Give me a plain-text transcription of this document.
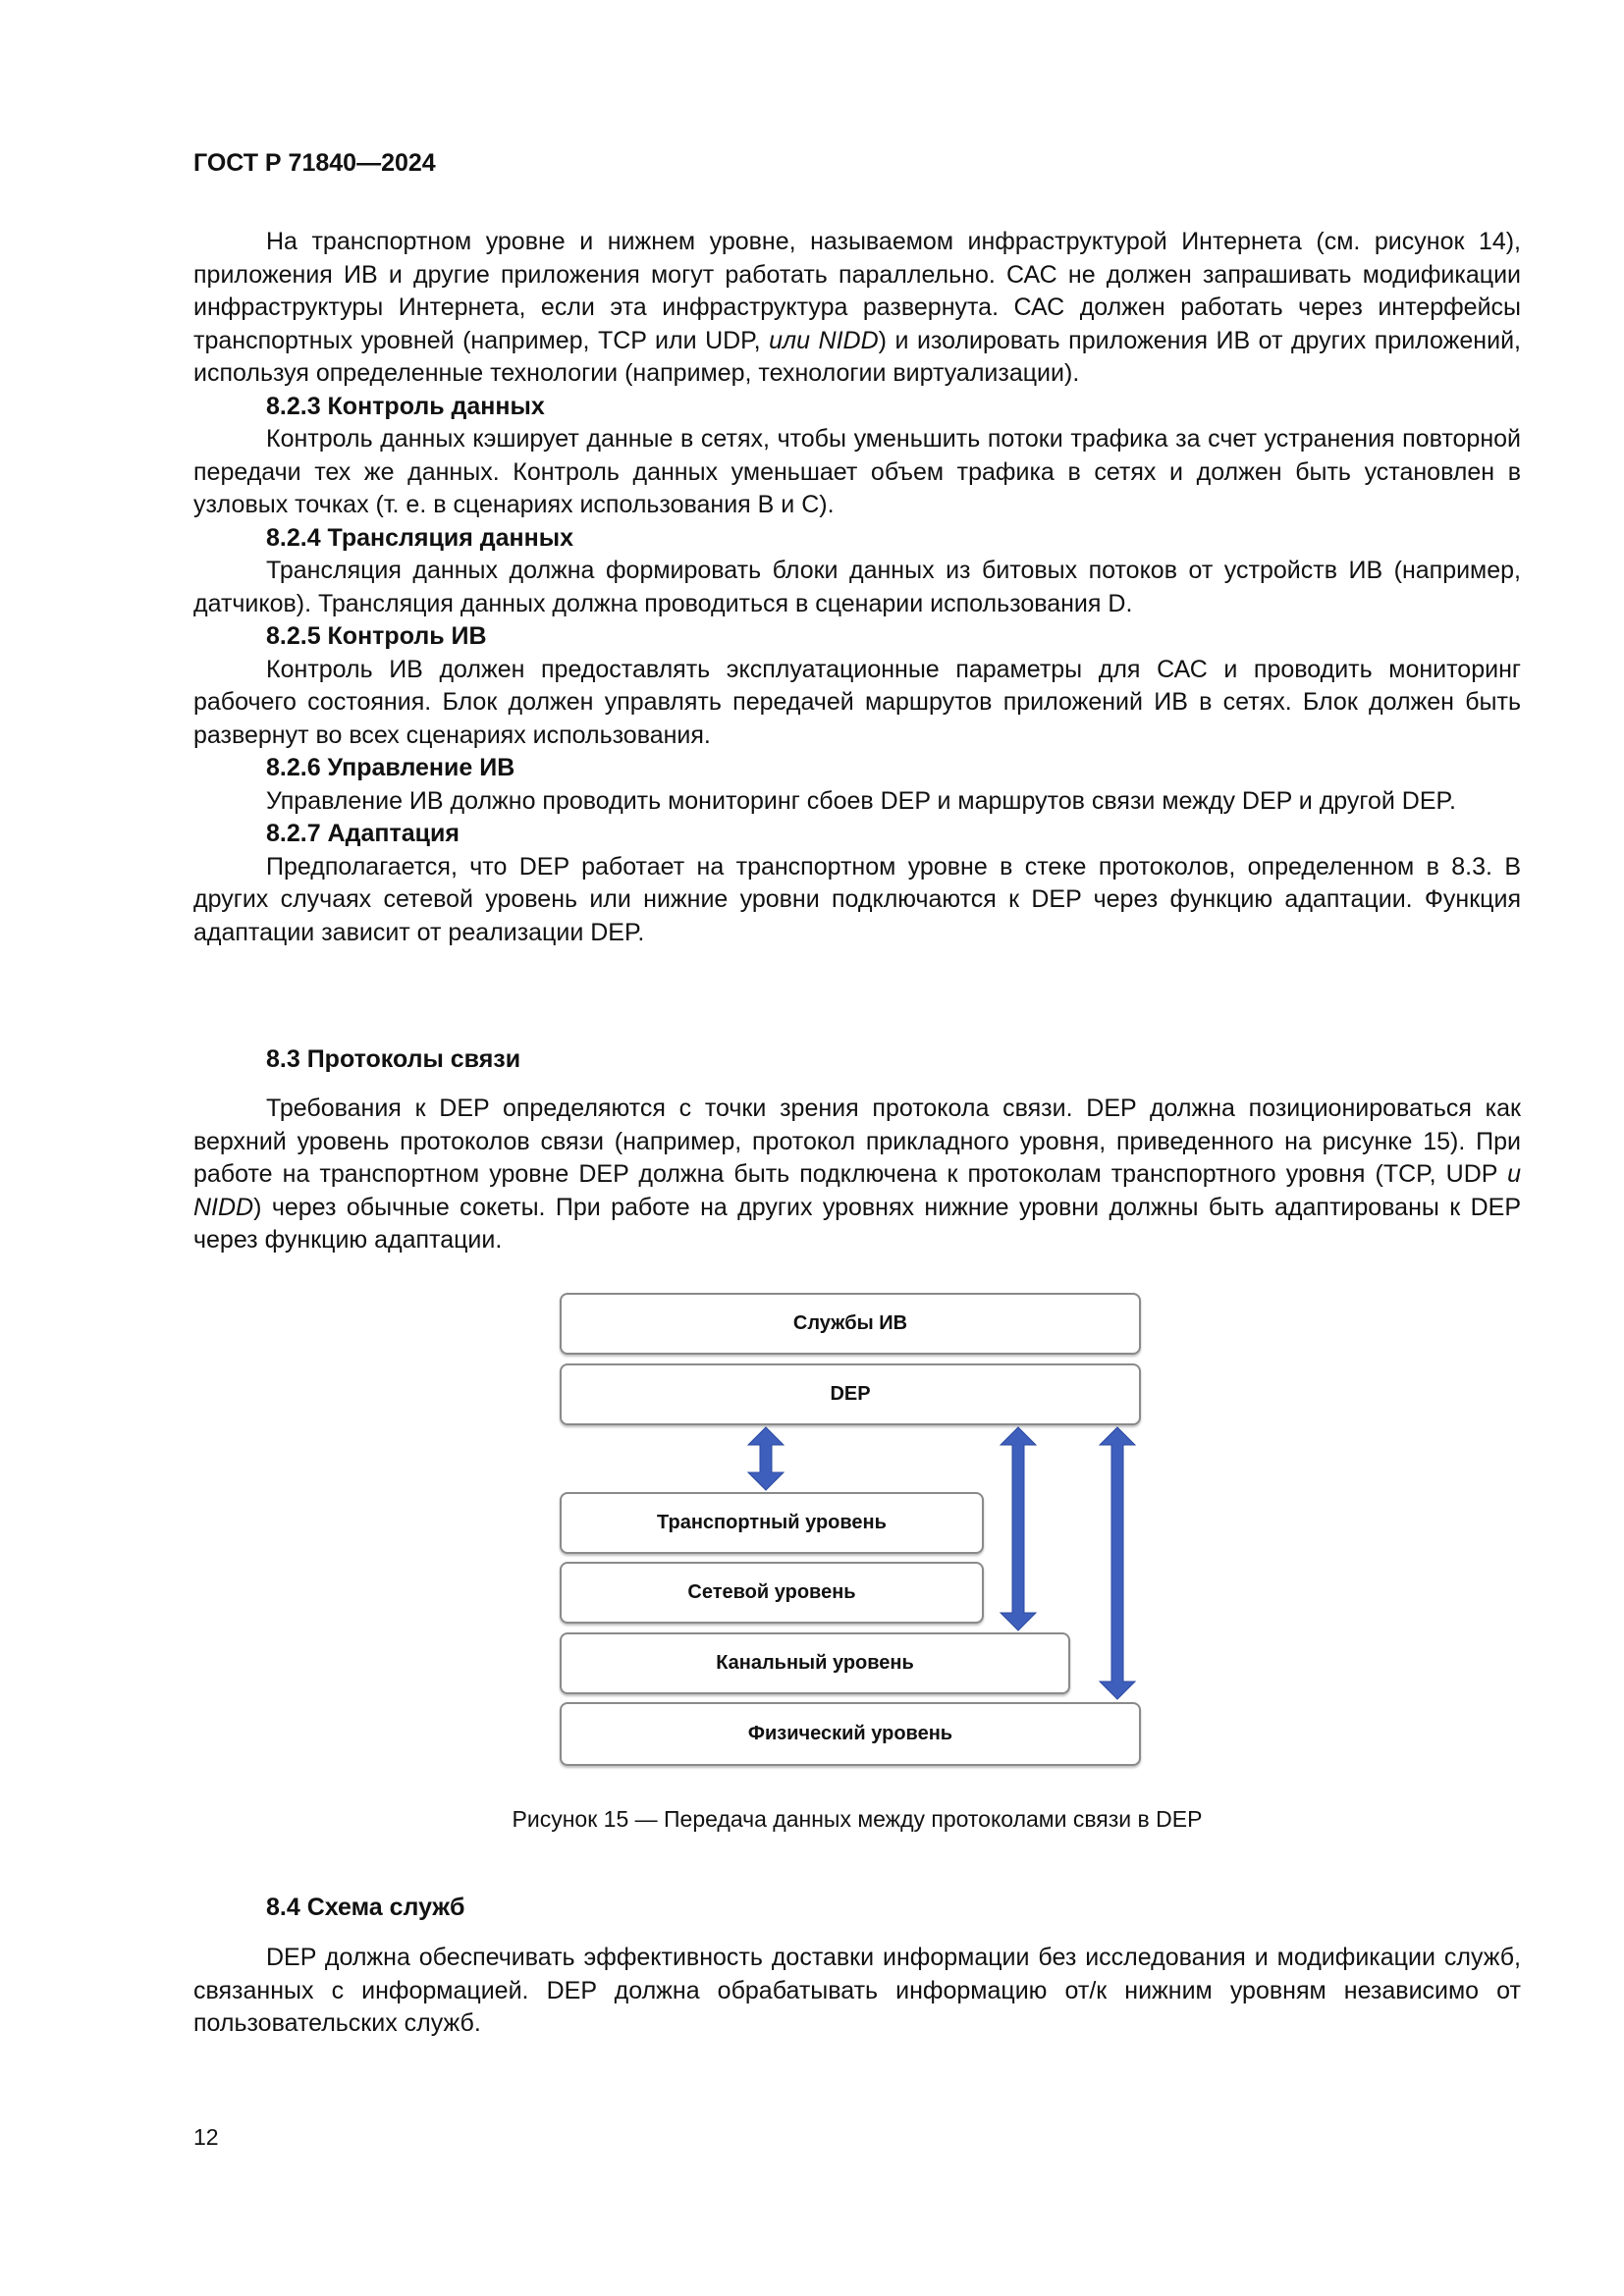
ГОСТ Р 71840—2024

На транспортном уровне и нижнем уровне, называемом инфраструктурой Интернета (см. рисунок 14), приложения ИВ и другие приложения могут работать параллельно. САС не должен запрашивать модификации инфраструктуры Интернета, если эта инфраструктура развернута. САС должен работать через интерфейсы транспортных уровней (например, TCP или UDP, или NIDD) и изолировать приложения ИВ от других приложений, используя определенные технологии (например, технологии виртуализации).

8.2.3 Контроль данных

Контроль данных кэширует данные в сетях, чтобы уменьшить потоки трафика за счет устранения повторной передачи тех же данных. Контроль данных уменьшает объем трафика в сетях и должен быть установлен в узловых точках (т. е. в сценариях использования В и С).

8.2.4 Трансляция данных

Трансляция данных должна формировать блоки данных из битовых потоков от устройств ИВ (например, датчиков). Трансляция данных должна проводиться в сценарии использования D.

8.2.5 Контроль ИВ

Контроль ИВ должен предоставлять эксплуатационные параметры для САС и проводить мониторинг рабочего состояния. Блок должен управлять передачей маршрутов приложений ИВ в сетях. Блок должен быть развернут во всех сценариях использования.

8.2.6 Управление ИВ

Управление ИВ должно проводить мониторинг сбоев DEP и маршрутов связи между DEP и другой DEP.

8.2.7 Адаптация

Предполагается, что DEP работает на транспортном уровне в стеке протоколов, определенном в 8.3. В других случаях сетевой уровень или нижние уровни подключаются к DEP через функцию адаптации. Функция адаптации зависит от реализации DEP.

8.3 Протоколы связи

Требования к DEP определяются с точки зрения протокола связи. DEP должна позиционироваться как верхний уровень протоколов связи (например, протокол прикладного уровня, приведенного на рисунке 15). При работе на транспортном уровне DEP должна быть подключена к протоколам транспортного уровня (TCP, UDP и NIDD) через обычные сокеты. При работе на других уровнях нижние уровни должны быть адаптированы к DEP через функцию адаптации.

Службы ИВ
DEP
Транспортный уровень
Сетевой уровень
Канальный уровень
Физический уровень
Рисунок 15 — Передача данных между протоколами связи в DEP

8.4 Схема служб

DEP должна обеспечивать эффективность доставки информации без исследования и модификации служб, связанных с информацией. DEP должна обрабатывать информацию от/к нижним уровням независимо от пользовательских служб.

12
